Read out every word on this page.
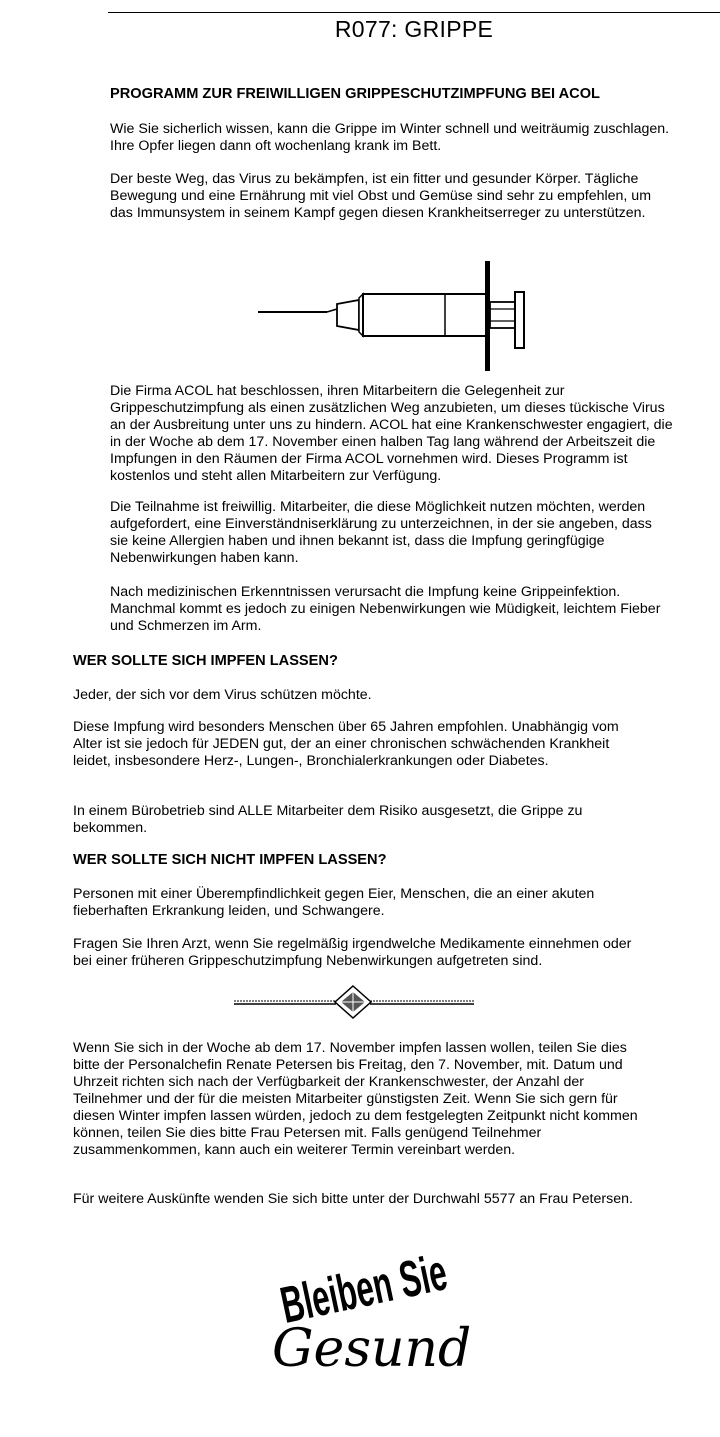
R077: GRIPPE
PROGRAMM ZUR FREIWILLIGEN GRIPPESCHUTZIMPFUNG BEI ACOL

Wie Sie sicherlich wissen, kann die Grippe im Winter schnell und weiträumig zuschlagen. Ihre Opfer liegen dann oft wochenlang krank im Bett.

Der beste Weg, das Virus zu bekämpfen, ist ein fitter und gesunder Körper. Tägliche Bewegung und eine Ernährung mit viel Obst und Gemüse sind sehr zu empfehlen, um das Immunsystem in seinem Kampf gegen diesen Krankheitserreger zu unterstützen.

Die Firma ACOL hat beschlossen, ihren Mitarbeitern die Gelegenheit zur Grippeschutzimpfung als einen zusätzlichen Weg anzubieten, um dieses tückische Virus an der Ausbreitung unter uns zu hindern. ACOL hat eine Krankenschwester engagiert, die in der Woche ab dem 17. November einen halben Tag lang während der Arbeitszeit die Impfungen in den Räumen der Firma ACOL vornehmen wird. Dieses Programm ist kostenlos und steht allen Mitarbeitern zur Verfügung.

Die Teilnahme ist freiwillig. Mitarbeiter, die diese Möglichkeit nutzen möchten, werden aufgefordert, eine Einverständniserklärung zu unterzeichnen, in der sie angeben, dass sie keine Allergien haben und ihnen bekannt ist, dass die Impfung geringfügige Nebenwirkungen haben kann.

Nach medizinischen Erkenntnissen verursacht die Impfung keine Grippeinfektion. Manchmal kommt es jedoch zu einigen Nebenwirkungen wie Müdigkeit, leichtem Fieber und Schmerzen im Arm.

WER SOLLTE SICH IMPFEN LASSEN?

Jeder, der sich vor dem Virus schützen möchte.

Diese Impfung wird besonders Menschen über 65 Jahren empfohlen. Unabhängig vom Alter ist sie jedoch für JEDEN gut, der an einer chronischen schwächenden Krankheit leidet, insbesondere Herz-, Lungen-, Bronchialerkrankungen oder Diabetes.

In einem Bürobetrieb sind ALLE Mitarbeiter dem Risiko ausgesetzt, die Grippe zu bekommen.

WER SOLLTE SICH NICHT IMPFEN LASSEN?

Personen mit einer Überempfindlichkeit gegen Eier, Menschen, die an einer akuten fieberhaften Erkrankung leiden, und Schwangere.

Fragen Sie Ihren Arzt, wenn Sie regelmäßig irgendwelche Medikamente einnehmen oder bei einer früheren Grippeschutzimpfung Nebenwirkungen aufgetreten sind.

Wenn Sie sich in der Woche ab dem 17. November impfen lassen wollen, teilen Sie dies bitte der Personalchefin Renate Petersen bis Freitag, den 7. November, mit. Datum und Uhrzeit richten sich nach der Verfügbarkeit der Krankenschwester, der Anzahl der Teilnehmer und der für die meisten Mitarbeiter günstigsten Zeit. Wenn Sie sich gern für diesen Winter impfen lassen würden, jedoch zu dem festgelegten Zeitpunkt nicht kommen können, teilen Sie dies bitte Frau Petersen mit. Falls genügend Teilnehmer zusammenkommen, kann auch ein weiterer Termin vereinbart werden.

Für weitere Auskünfte wenden Sie sich bitte unter der Durchwahl 5577 an Frau Petersen.

Bleiben Sie
Gesund
